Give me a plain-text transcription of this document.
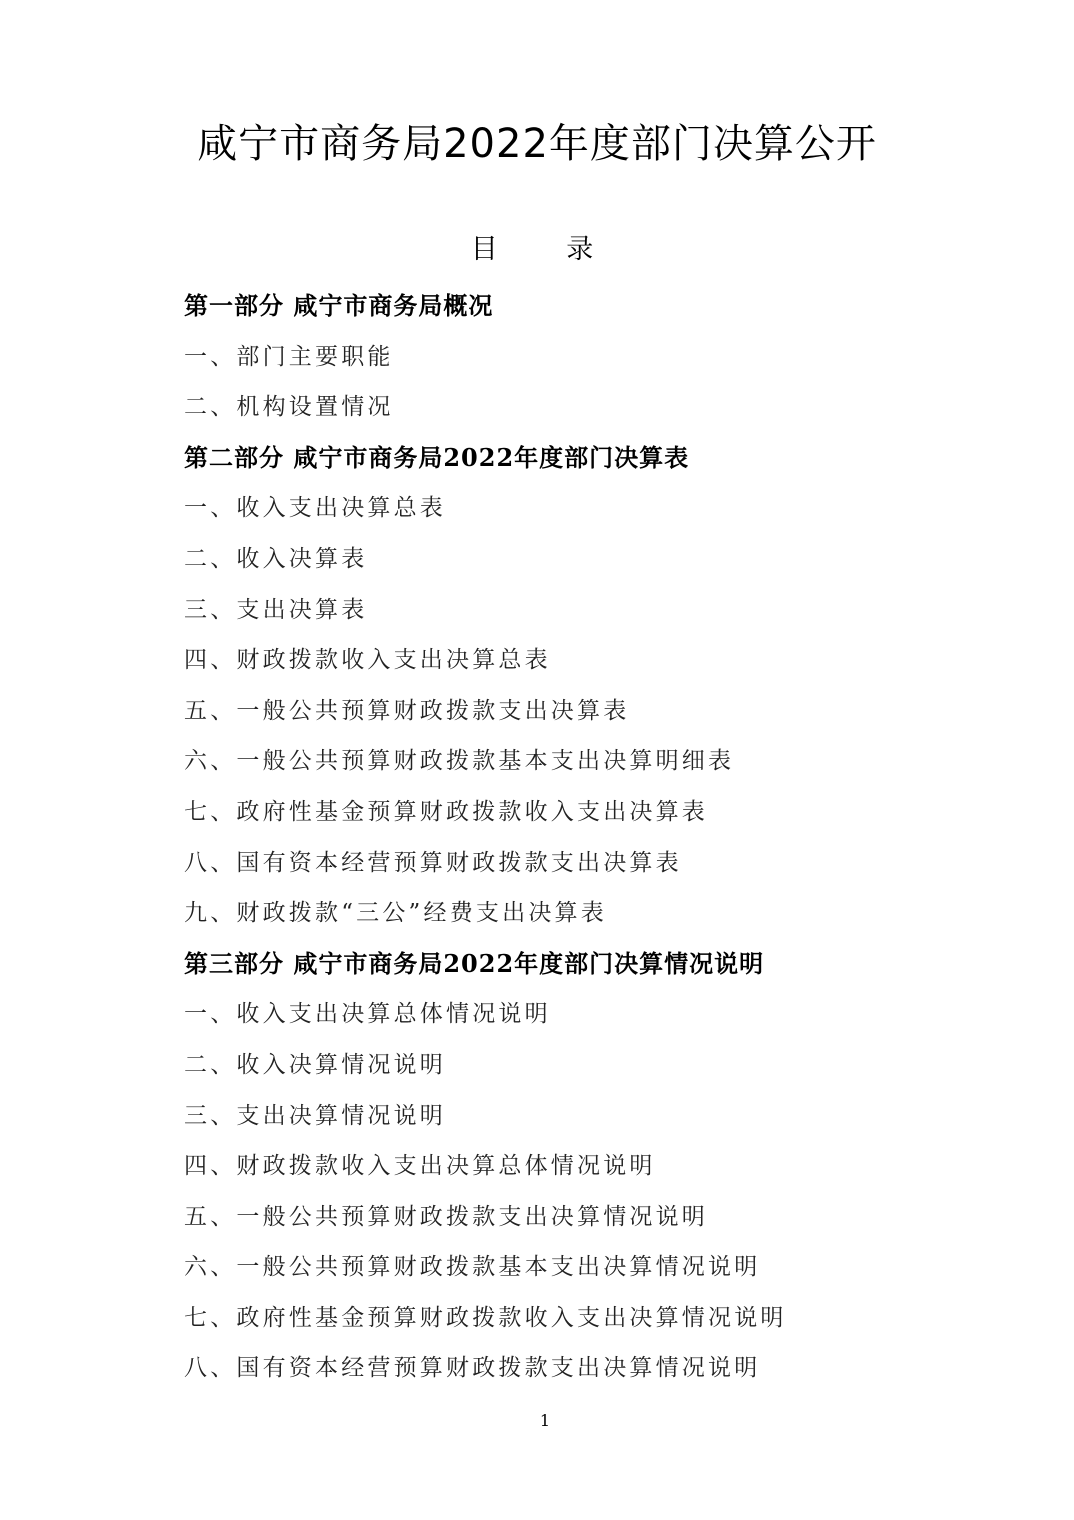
咸宁市商务局2022年度部门决算公开
目 录
第一部分 咸宁市商务局概况
一、部门主要职能
二、机构设置情况
第二部分 咸宁市商务局2022年度部门决算表
一、收入支出决算总表
二、收入决算表
三、支出决算表
四、财政拨款收入支出决算总表
五、一般公共预算财政拨款支出决算表
六、一般公共预算财政拨款基本支出决算明细表
七、政府性基金预算财政拨款收入支出决算表
八、国有资本经营预算财政拨款支出决算表
九、财政拨款“三公”经费支出决算表
第三部分 咸宁市商务局2022年度部门决算情况说明
一、收入支出决算总体情况说明
二、收入决算情况说明
三、支出决算情况说明
四、财政拨款收入支出决算总体情况说明
五、一般公共预算财政拨款支出决算情况说明
六、一般公共预算财政拨款基本支出决算情况说明
七、政府性基金预算财政拨款收入支出决算情况说明
八、国有资本经营预算财政拨款支出决算情况说明
1
